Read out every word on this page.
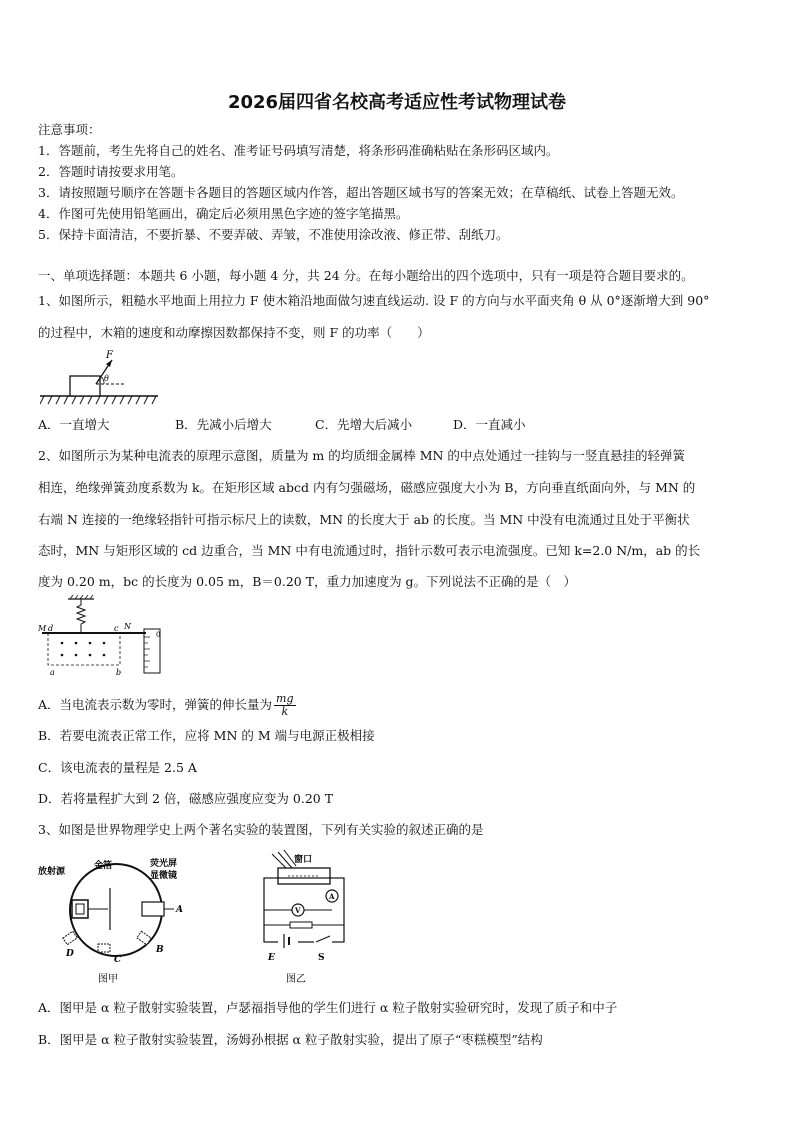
2026届四省名校高考适应性考试物理试卷
注意事项：
1．答题前，考生先将自己的姓名、准考证号码填写清楚，将条形码准确粘贴在条形码区域内。
2．答题时请按要求用笔。
3．请按照题号顺序在答题卡各题目的答题区域内作答，超出答题区域书写的答案无效；在草稿纸、试卷上答题无效。
4．作图可先使用铅笔画出，确定后必须用黑色字迹的签字笔描黑。
5．保持卡面清洁，不要折暴、不要弄破、弄皱，不准使用涂改液、修正带、刮纸刀。
一、单项选择题：本题共 6 小题，每小题 4 分，共 24 分。在每小题给出的四个选项中，只有一项是符合题目要求的。
1、如图所示，粗糙水平地面上用拉力 F 使木箱沿地面做匀速直线运动. 设 F 的方向与水平面夹角 θ 从 0°逐渐增大到 90°
的过程中，木箱的速度和动摩擦因数都保持不变，则 F 的功率（　　）
F
θ
A．一直增大	B．先减小后增大	C．先增大后减小	D．一直减小
2、如图所示为某种电流表的原理示意图，质量为 m 的均质细金属棒 MN 的中点处通过一挂钩与一竖直悬挂的轻弹簧
相连，绝缘弹簧劲度系数为 k。在矩形区域 abcd 内有匀强磁场，磁感应强度大小为 B，方向垂直纸面向外，与 MN 的
右端 N 连接的一绝缘轻指针可指示标尺上的读数，MN 的长度大于 ab 的长度。当 MN 中没有电流通过且处于平衡状
态时，MN 与矩形区域的 cd 边重合，当 MN 中有电流通过时，指针示数可表示电流强度。已知 k=2.0 N/m，ab 的长
度为 0.20 m，bc 的长度为 0.05 m，B＝0.20 T，重力加速度为 g。下列说法不正确的是（　）
M d	c N
a	b
0
A．当电流表示数为零时，弹簧的伸长量为 $\frac{mg}{k}$
B．若要电流表正常工作，应将 MN 的 M 端与电源正极相接
C．该电流表的量程是 2.5 A
D．若将量程扩大到 2 倍，磁感应强度应变为 0.20 T
3、如图是世界物理学史上两个著名实验的装置图，下列有关实验的叙述正确的是
放射源
金箔	荧光屏
显微镜
A
B
C
D
图甲
窗口
A
V
E	S
图乙
A．图甲是 α 粒子散射实验装置，卢瑟福指导他的学生们进行 α 粒子散射实验研究时，发现了质子和中子
B．图甲是 α 粒子散射实验装置，汤姆孙根据 α 粒子散射实验，提出了原子“枣糕模型”结构
